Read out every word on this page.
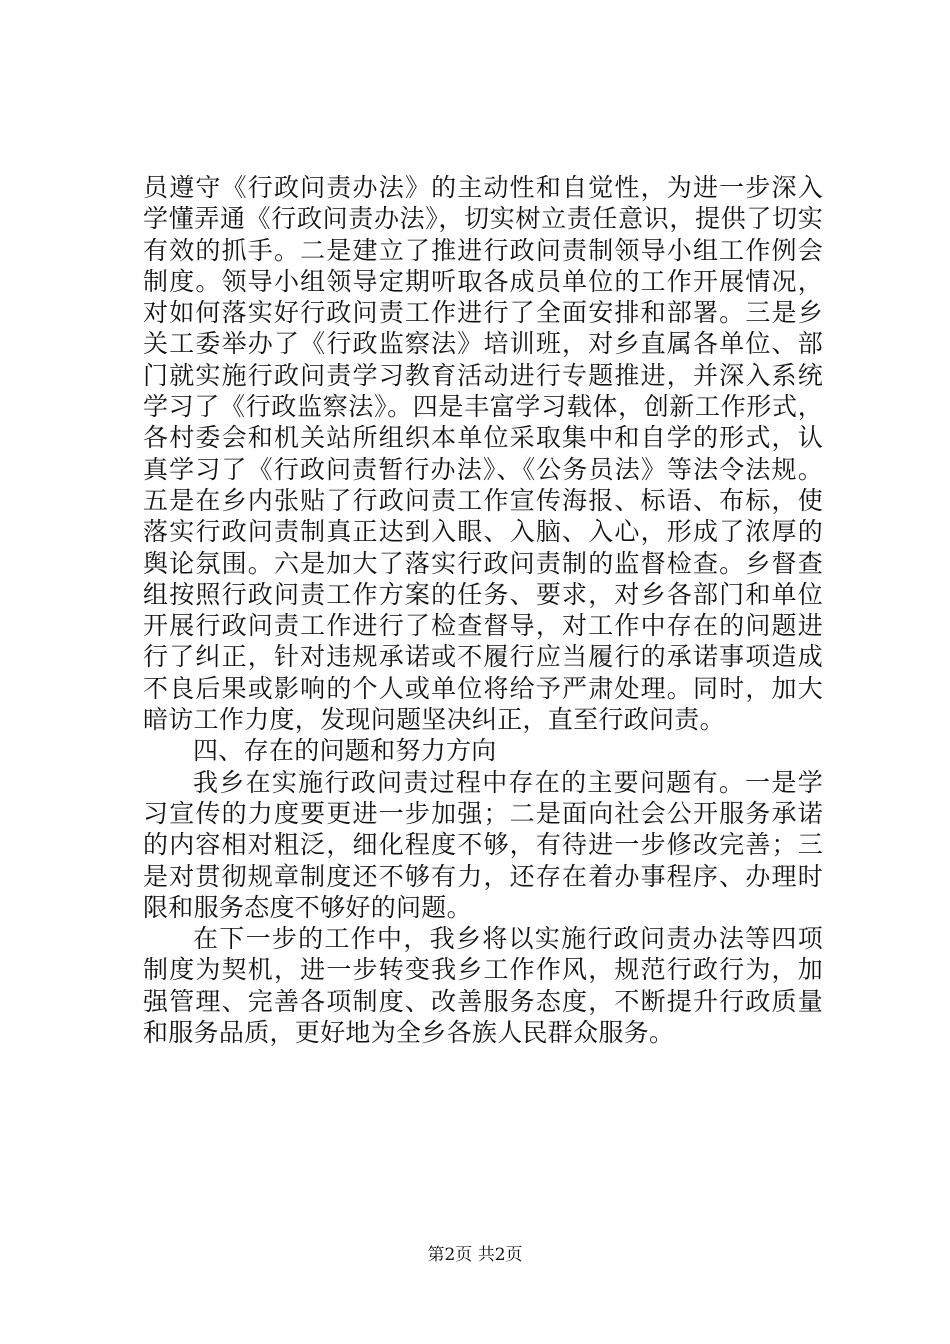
员遵守《行政问责办法》的主动性和自觉性，为进一步深入学懂弄通《行政问责办法》，切实树立责任意识，提供了切实有效的抓手。二是建立了推进行政问责制领导小组工作例会制度。领导小组领导定期听取各成员单位的工作开展情况，对如何落实好行政问责工作进行了全面安排和部署。三是乡关工委举办了《行政监察法》培训班，对乡直属各单位、部门就实施行政问责学习教育活动进行专题推进，并深入系统学习了《行政监察法》。四是丰富学习载体，创新工作形式，各村委会和机关站所组织本单位采取集中和自学的形式，认真学习了《行政问责暂行办法》、《公务员法》等法令法规。五是在乡内张贴了行政问责工作宣传海报、标语、布标，使落实行政问责制真正达到入眼、入脑、入心，形成了浓厚的舆论氛围。六是加大了落实行政问责制的监督检查。乡督查组按照行政问责工作方案的任务、要求，对乡各部门和单位开展行政问责工作进行了检查督导，对工作中存在的问题进行了纠正，针对违规承诺或不履行应当履行的承诺事项造成不良后果或影响的个人或单位将给予严肃处理。同时，加大暗访工作力度，发现问题坚决纠正，直至行政问责。

四、存在的问题和努力方向

我乡在实施行政问责过程中存在的主要问题有。一是学习宣传的力度要更进一步加强；二是面向社会公开服务承诺的内容相对粗泛，细化程度不够，有待进一步修改完善；三是对贯彻规章制度还不够有力，还存在着办事程序、办理时限和服务态度不够好的问题。

在下一步的工作中，我乡将以实施行政问责办法等四项制度为契机，进一步转变我乡工作作风，规范行政行为，加强管理、完善各项制度、改善服务态度，不断提升行政质量和服务品质，更好地为全乡各族人民群众服务。

第2页 共2页
